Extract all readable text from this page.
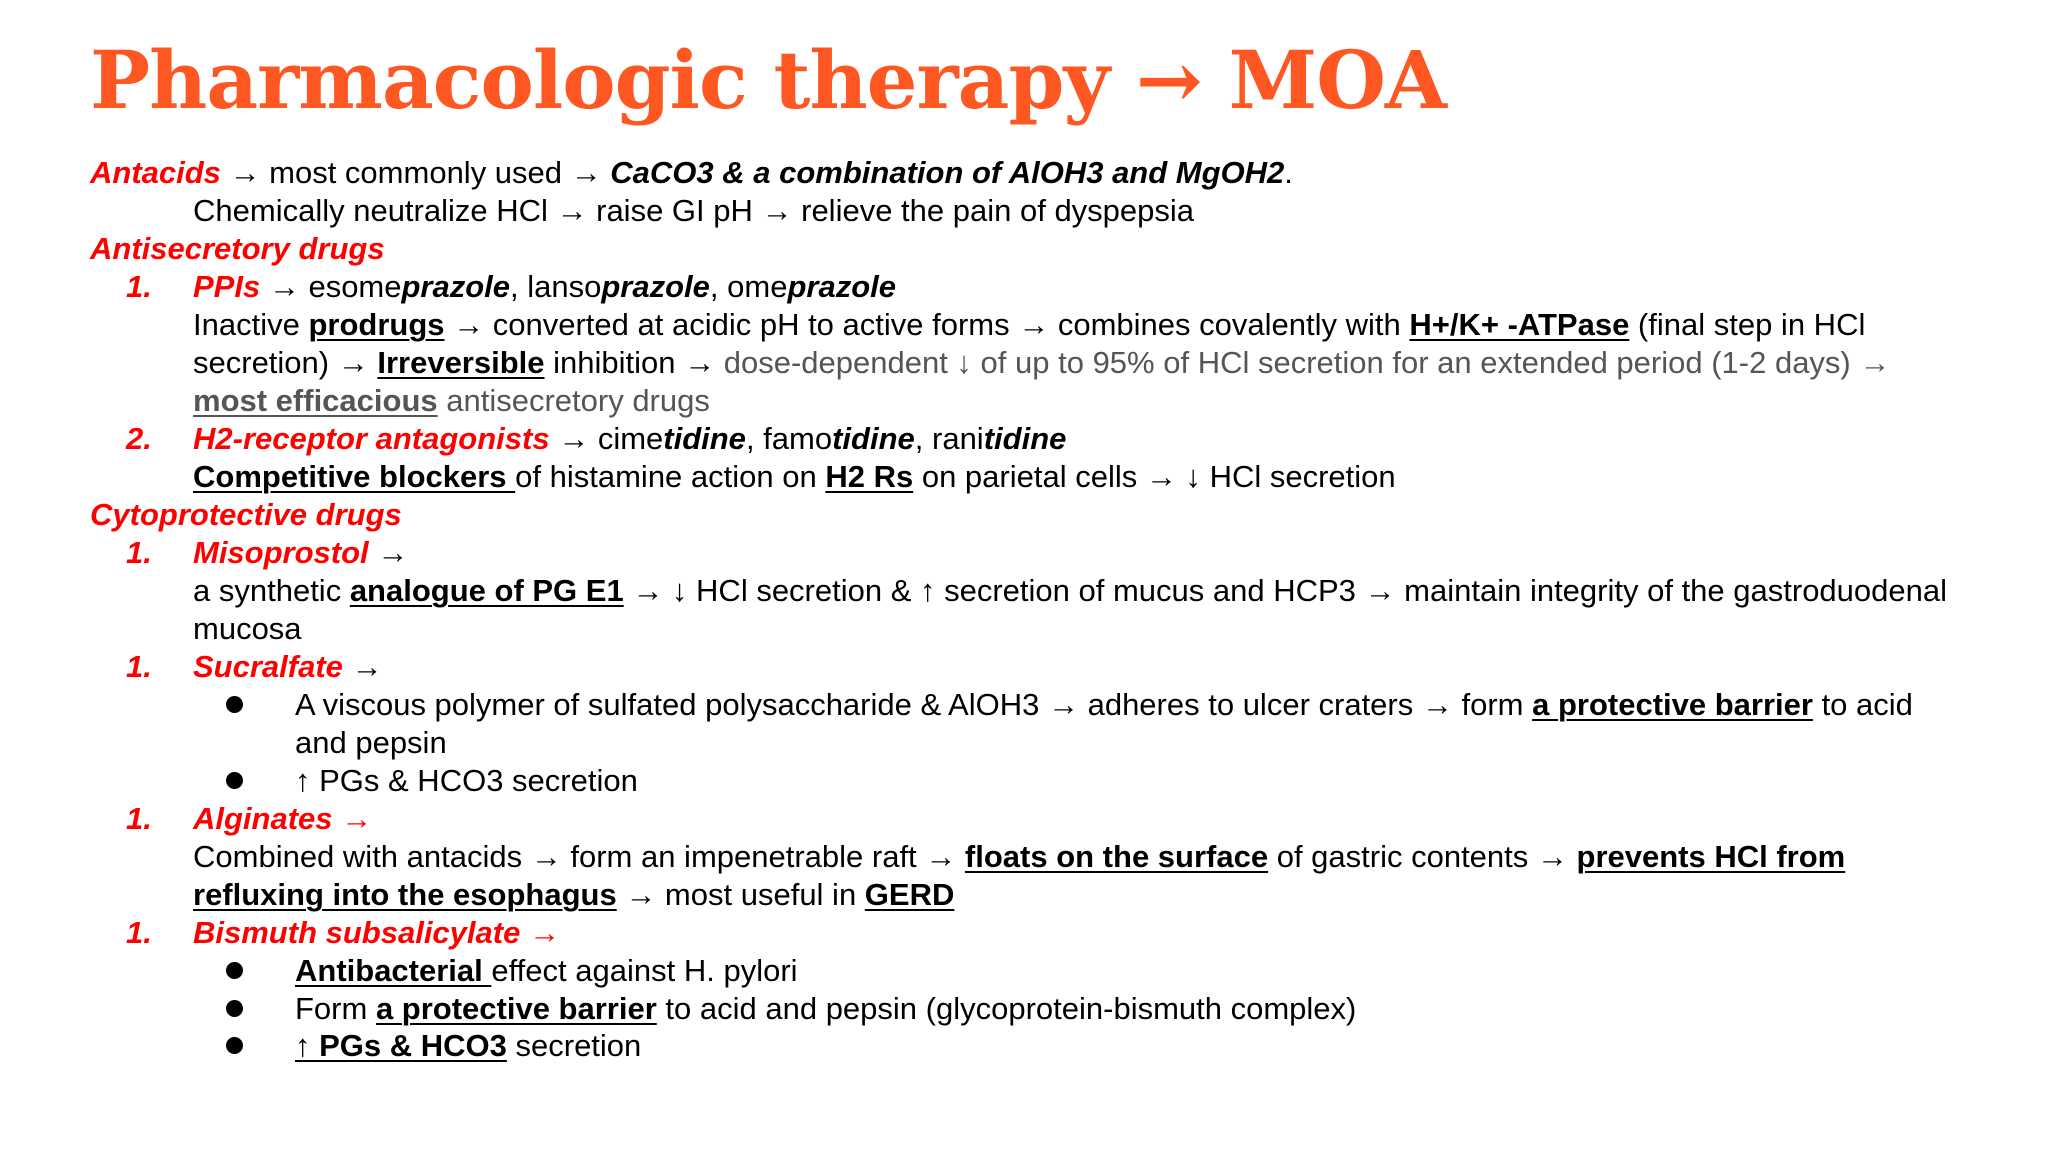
Pharmacologic therapy → MOA
Antacids → most commonly used → CaCO3 & a combination of AlOH3 and MgOH2.
Chemically neutralize HCl → raise GI pH → relieve the pain of dyspepsia
Antisecretory drugs
1. PPIs → esomeprazole, lansoprazole, omeprazole
Inactive prodrugs → converted at acidic pH to active forms → combines covalently with H+/K+ -ATPase (final step in HCl
secretion) → Irreversible inhibition → dose-dependent ↓ of up to 95% of HCl secretion for an extended period (1-2 days) →
most efficacious antisecretory drugs
2. H2-receptor antagonists → cimetidine, famotidine, ranitidine
Competitive blockers of histamine action on H2 Rs on parietal cells → ↓ HCl secretion
Cytoprotective drugs
1. Misoprostol →
a synthetic analogue of PG E1 → ↓ HCl secretion & ↑ secretion of mucus and HCP3 → maintain integrity of the gastroduodenal
mucosa
1. Sucralfate →
A viscous polymer of sulfated polysaccharide & AlOH3 → adheres to ulcer craters → form a protective barrier to acid
and pepsin
↑ PGs & HCO3 secretion
1. Alginates →
Combined with antacids → form an impenetrable raft → floats on the surface of gastric contents → prevents HCl from
refluxing into the esophagus → most useful in GERD
1. Bismuth subsalicylate →
Antibacterial effect against H. pylori
Form a protective barrier to acid and pepsin (glycoprotein-bismuth complex)
↑ PGs & HCO3 secretion
